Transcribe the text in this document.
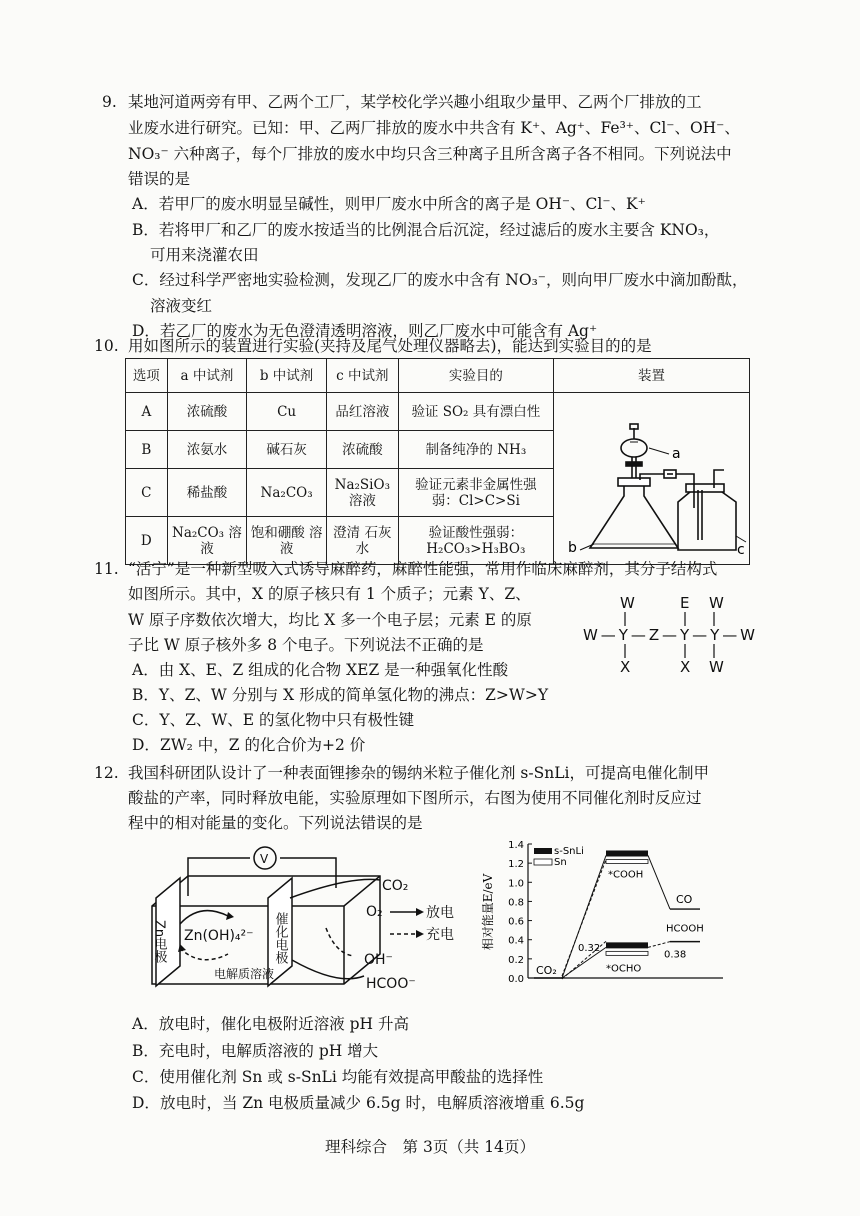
9. 某地河道两旁有甲、乙两个工厂，某学校化学兴趣小组取少量甲、乙两个厂排放的工
业废水进行研究。已知：甲、乙两厂排放的废水中共含有 K⁺、Ag⁺、Fe³⁺、Cl⁻、OH⁻、
NO₃⁻ 六种离子，每个厂排放的废水中均只含三种离子且所含离子各不相同。下列说法中
错误的是
A．若甲厂的废水明显呈碱性，则甲厂废水中所含的离子是 OH⁻、Cl⁻、K⁺
B．若将甲厂和乙厂的废水按适当的比例混合后沉淀，经过滤后的废水主要含 KNO₃，
可用来浇灌农田
C．经过科学严密地实验检测，发现乙厂的废水中含有 NO₃⁻，则向甲厂废水中滴加酚酞，
溶液变红
D．若乙厂的废水为无色澄清透明溶液，则乙厂废水中可能含有 Ag⁺
10. 用如图所示的装置进行实验(夹持及尾气处理仪器略去)，能达到实验目的的是
选项	a 中试剂	b 中试剂	c 中试剂	实验目的	装置
A	浓硫酸	Cu	品红溶液	验证 SO₂ 具有漂白性	a
b c

B	浓氨水	碱石灰	浓硫酸	制备纯净的 NH₃	
C	稀盐酸	Na₂CO₃	Na₂SiO₃ 溶液	验证元素非金属性强 弱：Cl>C>Si	
D	Na₂CO₃ 溶液	饱和硼酸 溶液	澄清 石灰水	验证酸性强弱： H₂CO₃>H₃BO₃	
11. “活宁”是一种新型吸入式诱导麻醉药，麻醉性能强，常用作临床麻醉剂，其分子结构式
如图所示。其中，X 的原子核只有 1 个质子；元素 Y、Z、
W 原子序数依次增大，均比 X 多一个电子层；元素 E 的原
子比 W 原子核外多 8 个电子。下列说法不正确的是
A．由 X、E、Z 组成的化合物 XEZ 是一种强氧化性酸
B．Y、Z、W 分别与 X 形成的简单氢化物的沸点：Z>W>Y
C．Y、Z、W、E 的氢化物中只有极性键
D．ZW₂ 中，Z 的化合价为+2 价
W	E W
W—Y—Z—Y—Y—W
X	X W
12. 我国科研团队设计了一种表面锂掺杂的锡纳米粒子催化剂 s-SnLi，可提高电催化制甲
酸盐的产率，同时释放电能，实验原理如下图所示，右图为使用不同催化剂时反应过
程中的相对能量的变化。下列说法错误的是
V
Zn电极	催化电极
Zn(OH)₄²⁻
电解质溶液
CO₂
O₂	放电
充电
OH⁻
HCOO⁻	0.0
0.2
0.4
0.6
0.8
1.0
1.2
1.4
CO₂
*COOH
CO
*OCHO
HCOOH
0.32
0.38
相对能量E/eV
s-SnLi
Sn
A．放电时，催化电极附近溶液 pH 升高
B．充电时，电解质溶液的 pH 增大
C．使用催化剂 Sn 或 s-SnLi 均能有效提高甲酸盐的选择性
D．放电时，当 Zn 电极质量减少 6.5g 时，电解质溶液增重 6.5g
理科综合　第 3页（共 14页）
